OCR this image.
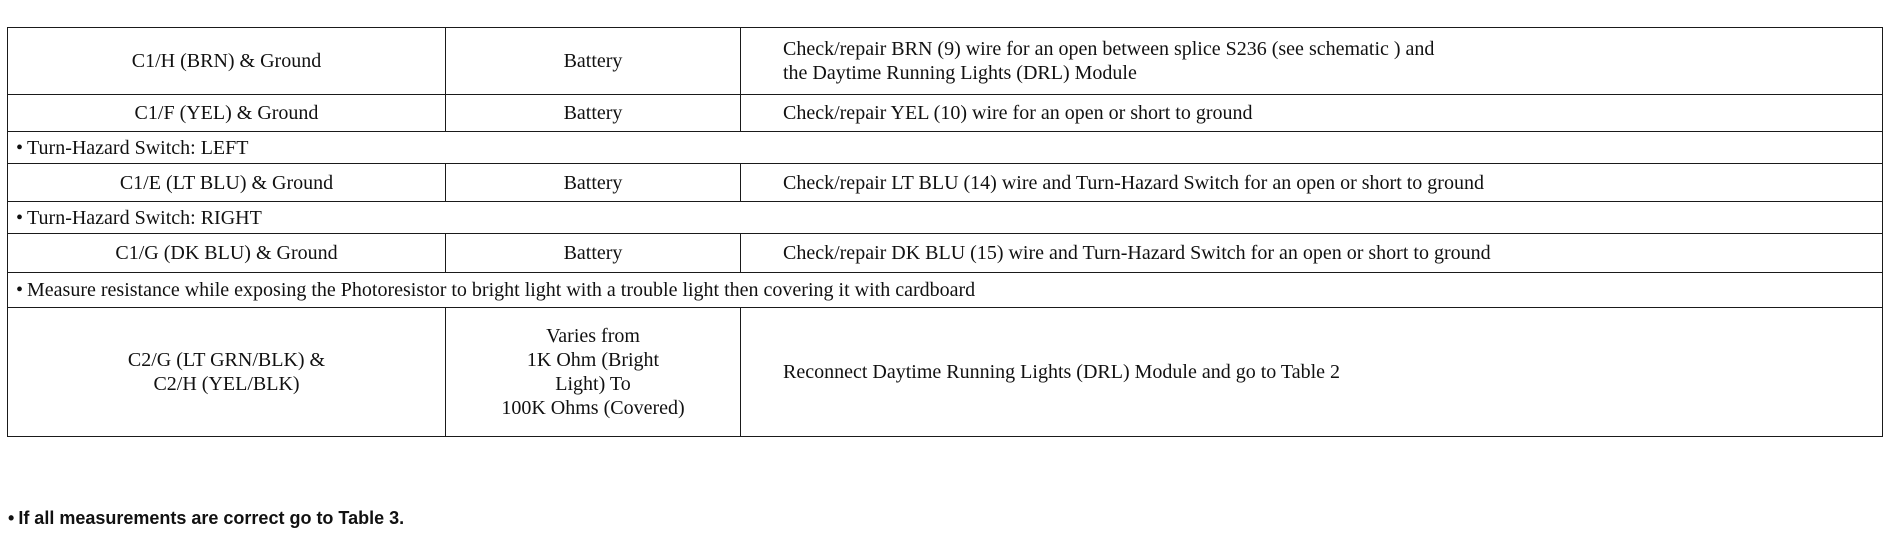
C1/H (BRN) & Ground	Battery	Check/repair BRN (9) wire for an open between splice S236 (see schematic ) and
the Daytime Running Lights (DRL) Module

C1/F (YEL) & Ground	Battery	Check/repair YEL (10) wire for an open or short to ground
• Turn-Hazard Switch: LEFT		
C1/E (LT BLU) & Ground	Battery	Check/repair LT BLU (14) wire and Turn-Hazard Switch for an open or short to ground
• Turn-Hazard Switch: RIGHT		
C1/G (DK BLU) & Ground	Battery	Check/repair DK BLU (15) wire and Turn-Hazard Switch for an open or short to ground
• Measure resistance while exposing the Photoresistor to bright light with a trouble light then covering it with cardboard		

C2/G (LT GRN/BLK) &
C2/H (YEL/BLK)	Varies from
1K Ohm (Bright
Light) To
100K Ohms (Covered)	Reconnect Daytime Running Lights (DRL) Module and go to Table 2
• If all measurements are correct go to Table 3.
